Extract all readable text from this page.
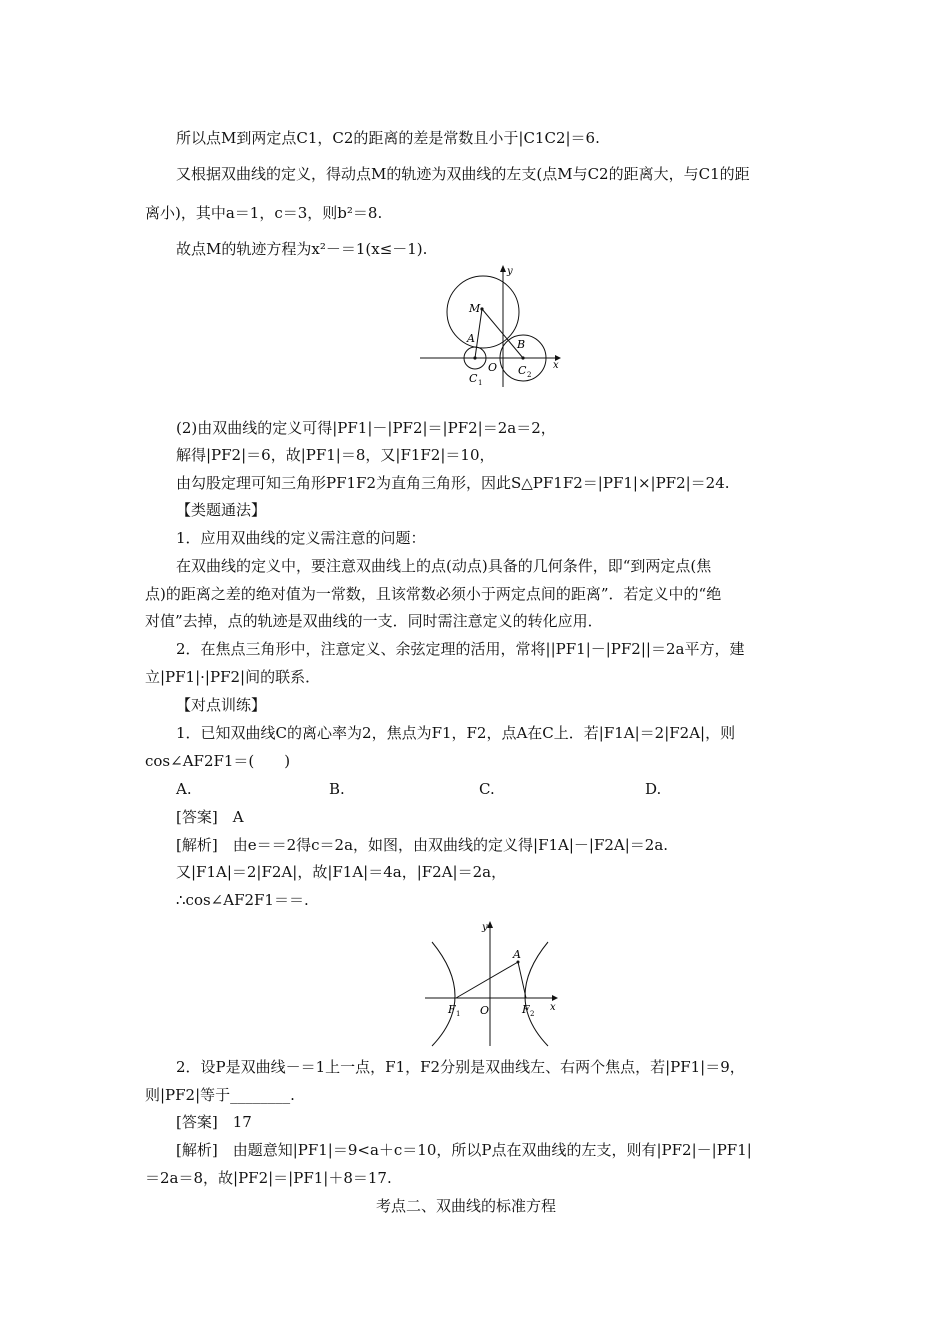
所以点M到两定点C1，C2的距离的差是常数且小于|C1C2|＝6.
又根据双曲线的定义，得动点M的轨迹为双曲线的左支(点M与C2的距离大，与C1的距
离小)，其中a＝1，c＝3，则b²＝8.
故点M的轨迹方程为x²－＝1(x≤－1).
M
A	B
O
C 1
C 2
x
y
(2)由双曲线的定义可得|PF1|－|PF2|＝|PF2|＝2a＝2，
解得|PF2|＝6，故|PF1|＝8，又|F1F2|＝10，
由勾股定理可知三角形PF1F2为直角三角形，因此S△PF1F2＝|PF1|×|PF2|＝24.
【类题通法】
1．应用双曲线的定义需注意的问题：
在双曲线的定义中，要注意双曲线上的点(动点)具备的几何条件，即“到两定点(焦
点)的距离之差的绝对值为一常数，且该常数必须小于两定点间的距离”．若定义中的“绝
对值”去掉，点的轨迹是双曲线的一支．同时需注意定义的转化应用．
2．在焦点三角形中，注意定义、余弦定理的活用，常将||PF1|－|PF2||＝2a平方，建
立|PF1|·|PF2|间的联系．
【对点训练】
1．已知双曲线C的离心率为2，焦点为F1，F2，点A在C上．若|F1A|＝2|F2A|，则
cos∠AF2F1＝(　　)
A.	B.	C.	D.
[答案]　A
[解析]　由e＝＝2得c＝2a，如图，由双曲线的定义得|F1A|－|F2A|＝2a.
又|F1A|＝2|F2A|，故|F1A|＝4a，|F2A|＝2a，
∴cos∠AF2F1＝＝.
A
O
F 1	F 2
x
y
2．设P是双曲线－＝1上一点，F1，F2分别是双曲线左、右两个焦点，若|PF1|＝9，
则|PF2|等于________.
[答案]　17
[解析]　由题意知|PF1|＝9<a＋c＝10，所以P点在双曲线的左支，则有|PF2|－|PF1|
＝2a＝8，故|PF2|＝|PF1|＋8＝17.
考点二、双曲线的标准方程
